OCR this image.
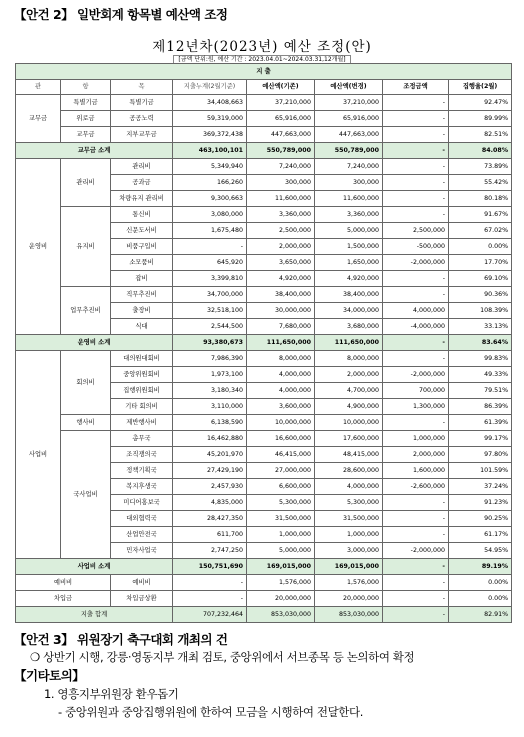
【안건 2】 일반회계 항목별 예산액 조정
제12년차(2023년) 예산 조정(안)
[금액 단위:원, 예산 기간 : 2023.04.01~2024.03.31,12개월]
지 출							
관	항	목	지출누계(2월기준)	예산액(기존)	예산액(변경)	조정금액	집행율(2월)
교무금	특별기금	특별기금	34,408,663	37,210,000	37,210,000	-	92.47%
	위로금	공공노력	59,319,000	65,916,000	65,916,000	-	89.99%
	교무금	지부교무금	369,372,438	447,663,000	447,663,000	-	82.51%
교무금 소계			463,100,101	550,789,000	550,789,000	-	84.08%
운영비	관리비	관리비	5,349,940	7,240,000	7,240,000	-	73.89%
		공과금	166,260	300,000	300,000	-	55.42%
		차량유지 관리비	9,300,663	11,600,000	11,600,000	-	80.18%
	유지비	통신비	3,080,000	3,360,000	3,360,000	-	91.67%
		신문도서비	1,675,480	2,500,000	5,000,000	2,500,000	67.02%
		비품구입비	-	2,000,000	1,500,000	-500,000	0.00%
		소모품비	645,920	3,650,000	1,650,000	-2,000,000	17.70%
		잡비	3,399,810	4,920,000	4,920,000	-	69.10%
	업무추진비	직무추진비	34,700,000	38,400,000	38,400,000	-	90.36%
		출장비	32,518,100	30,000,000	34,000,000	4,000,000	108.39%
		식대	2,544,500	7,680,000	3,680,000	-4,000,000	33.13%
운영비 소계			93,380,673	111,650,000	111,650,000	-	83.64%
사업비	회의비	대의원대회비	7,986,390	8,000,000	8,000,000	-	99.83%
		중앙위원회비	1,973,100	4,000,000	2,000,000	-2,000,000	49.33%
		집행위원회비	3,180,340	4,000,000	4,700,000	700,000	79.51%
		기타 회의비	3,110,000	3,600,000	4,900,000	1,300,000	86.39%
	행사비	제반행사비	6,138,590	10,000,000	10,000,000	-	61.39%
	국사업비	총무국	16,462,880	16,600,000	17,600,000	1,000,000	99.17%
		조직쟁의국	45,201,970	46,415,000	48,415,000	2,000,000	97.80%
		정책기획국	27,429,190	27,000,000	28,600,000	1,600,000	101.59%
		복지후생국	2,457,930	6,600,000	4,000,000	-2,600,000	37.24%
		미디어홍보국	4,835,000	5,300,000	5,300,000	-	91.23%
		대외협력국	28,427,350	31,500,000	31,500,000	-	90.25%
		산업안전국	611,700	1,000,000	1,000,000	-	61.17%
		민자사업국	2,747,250	5,000,000	3,000,000	-2,000,000	54.95%
사업비 소계			150,751,690	169,015,000	169,015,000	-	89.19%
예비비		예비비	-	1,576,000	1,576,000	-	0.00%
차입금		차입금상환	-	20,000,000	20,000,000	-	0.00%
지출 합계			707,232,464	853,030,000	853,030,000	-	82.91%
【안건 3】 위원장기 축구대회 개최의 건
❍ 상반기 시행, 강릉·영동지부 개최 검토, 중앙위에서 서브종목 등 논의하여 확정
【기타토의】
1. 영흥지부위원장 환우돕기
- 중앙위원과 중앙집행위원에 한하여 모금을 시행하여 전달한다.
